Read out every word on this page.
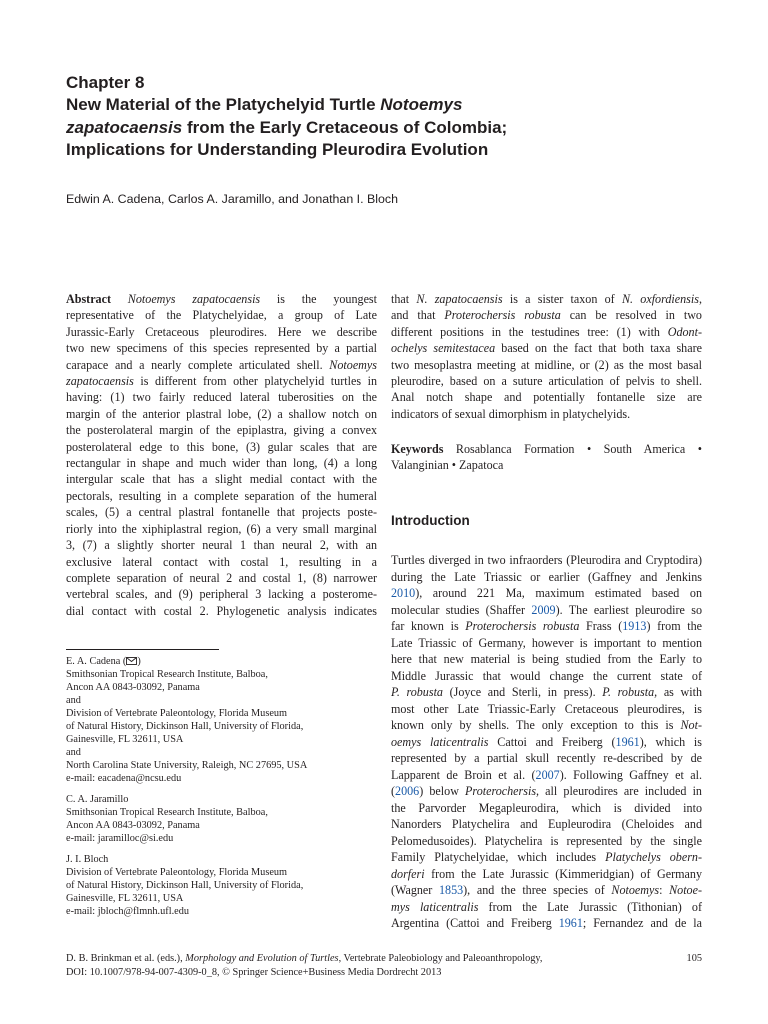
Chapter 8
New Material of the Platychelyid Turtle Notoemys
zapatocaensis from the Early Cretaceous of Colombia;
Implications for Understanding Pleurodira Evolution
Edwin A. Cadena, Carlos A. Jaramillo, and Jonathan I. Bloch
Abstract Notoemys zapatocaensis is the youngest
representative of the Platychelyidae, a group of Late
Jurassic-Early Cretaceous pleurodires. Here we describe
two new specimens of this species represented by a partial
carapace and a nearly complete articulated shell. Notoemys
zapatocaensis is different from other platychelyid turtles in
having: (1) two fairly reduced lateral tuberosities on the
margin of the anterior plastral lobe, (2) a shallow notch on
the posterolateral margin of the epiplastra, giving a convex
posterolateral edge to this bone, (3) gular scales that are
rectangular in shape and much wider than long, (4) a long
intergular scale that has a slight medial contact with the
pectorals, resulting in a complete separation of the humeral
scales, (5) a central plastral fontanelle that projects poste-
riorly into the xiphiplastral region, (6) a very small marginal
3, (7) a slightly shorter neural 1 than neural 2, with an
exclusive lateral contact with costal 1, resulting in a
complete separation of neural 2 and costal 1, (8) narrower
vertebral scales, and (9) peripheral 3 lacking a posterome-
dial contact with costal 2. Phylogenetic analysis indicates
that N. zapatocaensis is a sister taxon of N. oxfordiensis,
and that Proterochersis robusta can be resolved in two
different positions in the testudines tree: (1) with Odont-
ochelys semitestacea based on the fact that both taxa share
two mesoplastra meeting at midline, or (2) as the most basal
pleurodire, based on a suture articulation of pelvis to shell.
Anal notch shape and potentially fontanelle size are
indicators of sexual dimorphism in platychelyids.
Keywords Rosablanca Formation • South America •
Valanginian • Zapatoca
Introduction
Turtles diverged in two infraorders (Pleurodira and Cryptodira)
during the Late Triassic or earlier (Gaffney and Jenkins
2010), around 221 Ma, maximum estimated based on
molecular studies (Shaffer 2009). The earliest pleurodire so
far known is Proterochersis robusta Frass (1913) from the
Late Triassic of Germany, however is important to mention
here that new material is being studied from the Early to
Middle Jurassic that would change the current state of
P. robusta (Joyce and Sterli, in press). P. robusta, as with
most other Late Triassic-Early Cretaceous pleurodires, is
known only by shells. The only exception to this is Not-
oemys laticentralis Cattoi and Freiberg (1961), which is
represented by a partial skull recently re-described by de
Lapparent de Broin et al. (2007). Following Gaffney et al.
(2006) below Proterochersis, all pleurodires are included in
the Parvorder Megapleurodira, which is divided into
Nanorders Platychelira and Eupleurodira (Cheloides and
Pelomedusoides). Platychelira is represented by the single
Family Platychelyidae, which includes Platychelys obern-
dorferi from the Late Jurassic (Kimmeridgian) of Germany
(Wagner 1853), and the three species of Notoemys: Notoe-
mys laticentralis from the Late Jurassic (Tithonian) of
Argentina (Cattoi and Freiberg 1961; Fernandez and de la
E. A. Cadena ( )
Smithsonian Tropical Research Institute, Balboa,
Ancon AA 0843-03092, Panama
and
Division of Vertebrate Paleontology, Florida Museum
of Natural History, Dickinson Hall, University of Florida,
Gainesville, FL 32611, USA
and
North Carolina State University, Raleigh, NC 27695, USA
e-mail: eacadena@ncsu.edu
C. A. Jaramillo
Smithsonian Tropical Research Institute, Balboa,
Ancon AA 0843-03092, Panama
e-mail: jaramilloc@si.edu
J. I. Bloch
Division of Vertebrate Paleontology, Florida Museum
of Natural History, Dickinson Hall, University of Florida,
Gainesville, FL 32611, USA
e-mail: jbloch@flmnh.ufl.edu
D. B. Brinkman et al. (eds.), Morphology and Evolution of Turtles, Vertebrate Paleobiology and Paleoanthropology,
DOI: 10.1007/978-94-007-4309-0_8, © Springer Science+Business Media Dordrecht 2013
105
